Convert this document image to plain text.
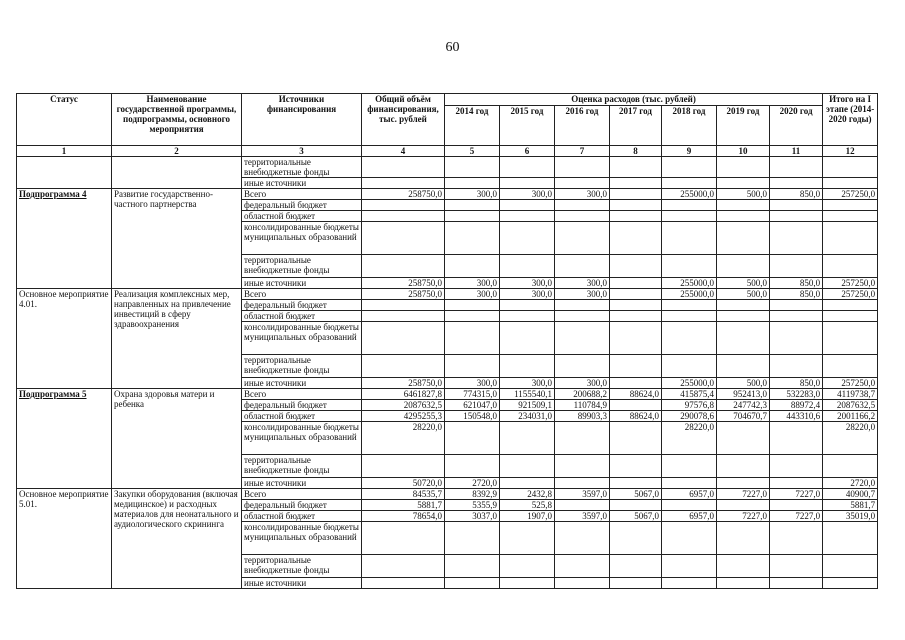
60
Статус	Наименование государственной программы, подпрограммы, основного мероприятия	Источники финансирования	Общий объём финансирования, тыс. рублей	Оценка расходов (тыс. рублей)							Итого на I этапе (2014-2020 годы)
				2014 год	2015 год	2016 год	2017 год	2018 год	2019 год	2020 год	
1	2	3	4	5	6	7	8	9	10	11	12
		территориальные внебюджетные фонды									
		иные источники									
Подпрограмма 4	Развитие государственно-частного партнерства	Всего	258750,0	300,0	300,0	300,0		255000,0	500,0	850,0	257250,0
		федеральный бюджет									
		областной бюджет									
		консолидированные бюджеты муниципальных образований									
		территориальные внебюджетные фонды									
		иные источники	258750,0	300,0	300,0	300,0		255000,0	500,0	850,0	257250,0
Основное мероприятие 4.01.	Реализация комплексных мер, направленных на привлечение инвестиций в сферу здравоохранения	Всего	258750,0	300,0	300,0	300,0		255000,0	500,0	850,0	257250,0
		федеральный бюджет									
		областной бюджет									
		консолидированные бюджеты муниципальных образований									
		территориальные внебюджетные фонды									
		иные источники	258750,0	300,0	300,0	300,0		255000,0	500,0	850,0	257250,0
Подпрограмма 5	Охрана здоровья матери и ребенка	Всего	6461827,8	774315,0	1155540,1	200688,2	88624,0	415875,4	952413,0	532283,0	4119738,7
		федеральный бюджет	2087632,5	621047,0	921509,1	110784,9		97576,8	247742,3	88972,4	2087632,5
		областной бюджет	4295255,3	150548,0	234031,0	89903,3	88624,0	290078,6	704670,7	443310,6	2001166,2
		консолидированные бюджеты муниципальных образований	28220,0					28220,0			28220,0
		территориальные внебюджетные фонды									
		иные источники	50720,0	2720,0							2720,0
Основное мероприятие 5.01.	Закупки оборудования (включая медицинское) и расходных материалов для неонатального и аудиологического скрининга	Всего	84535,7	8392,9	2432,8	3597,0	5067,0	6957,0	7227,0	7227,0	40900,7
		федеральный бюджет	5881,7	5355,9	525,8						5881,7
		областной бюджет	78654,0	3037,0	1907,0	3597,0	5067,0	6957,0	7227,0	7227,0	35019,0
		консолидированные бюджеты муниципальных образований									
		территориальные внебюджетные фонды									
		иные источники									
